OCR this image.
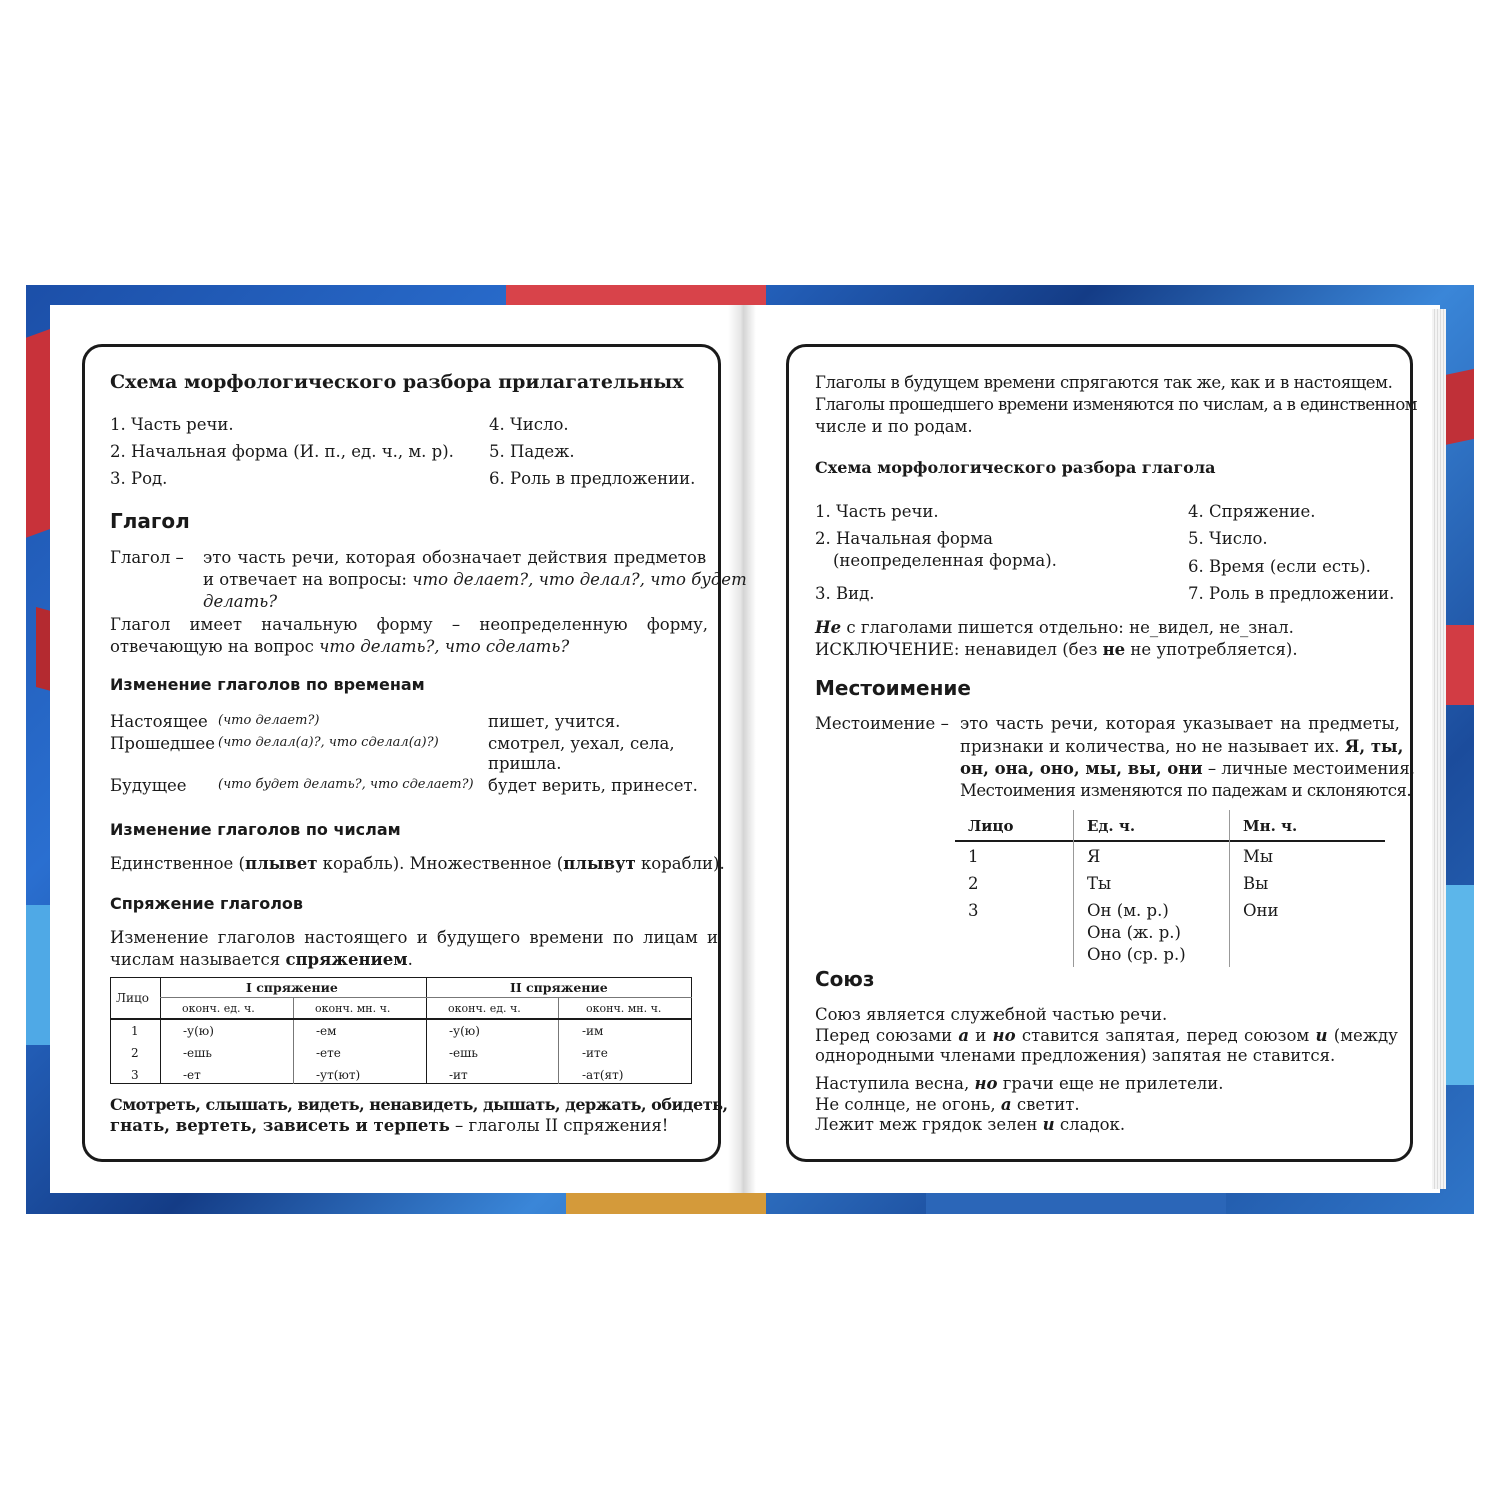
Схема морфологического разбора прилагательных
1. Часть речи.
2. Начальная форма (И. п., ед. ч., м. р).
3. Род.
4. Число.
5. Падеж.
6. Роль в предложении.
Глагол
Глагол – это часть речи, которая обозначает действия предметов
и отвечает на вопросы: что делает?, что делал?, что будет
делать?
Глагол имеет начальную форму – неопределенную форму,
отвечающую на вопрос что делать?, что сделать?
Изменение глаголов по временам
Настоящее (что делает?)	пишет, учится.
Прошедшее (что делал(а)?, что сделал(а)?)	смотрел, уехал, села,
пришла.
Будущее (что будет делать?, что сделает?) будет верить, принесет.
Изменение глаголов по числам
Единственное (плывет корабль). Множественное (плывут корабли).
Спряжение глаголов
Изменение глаголов настоящего и будущего времени по лицам и
числам называется спряжением.
Лицо
I спряжение	II спряжение
оконч. ед. ч.	оконч. мн. ч.	оконч. ед. ч.	оконч. мн. ч.
1	-у(ю)	-ем	-у(ю)	-им
2	-ешь	-ете	-ешь	-ите
3	-ет	-ут(ют)	-ит	-ат(ят)
Смотреть, слышать, видеть, ненавидеть, дышать, держать, обидеть,
гнать, вертеть, зависеть и терпеть – глаголы II спряжения!
Глаголы в будущем времени спрягаются так же, как и в настоящем.
Глаголы прошедшего времени изменяются по числам, а в единственном
числе и по родам.
Схема морфологического разбора глагола
1. Часть речи.
2. Начальная форма
(неопределенная форма).
3. Вид.
4. Спряжение.
5. Число.
6. Время (если есть).
7. Роль в предложении.
Не с глаголами пишется отдельно: не_видел, не_знал.
ИСКЛЮЧЕНИЕ: ненавидел (без не не употребляется).
Местоимение
Местоимение – это часть речи, которая указывает на предметы,
признаки и количества, но не называет их. Я, ты,
он, она, оно, мы, вы, они – личные местоимения.
Местоимения изменяются по падежам и склоняются.
Лицо	Ед. ч.	Мн. ч.
1	Я	Мы
2	Ты	Вы
3	Он (м. р.)	Они
Она (ж. р.)
Оно (ср. р.)
Союз
Союз является служебной частью речи.
Перед союзами а и но ставится запятая, перед союзом и (между
однородными членами предложения) запятая не ставится.
Наступила весна, но грачи еще не прилетели.
Не солнце, не огонь, а светит.
Лежит меж грядок зелен и сладок.
